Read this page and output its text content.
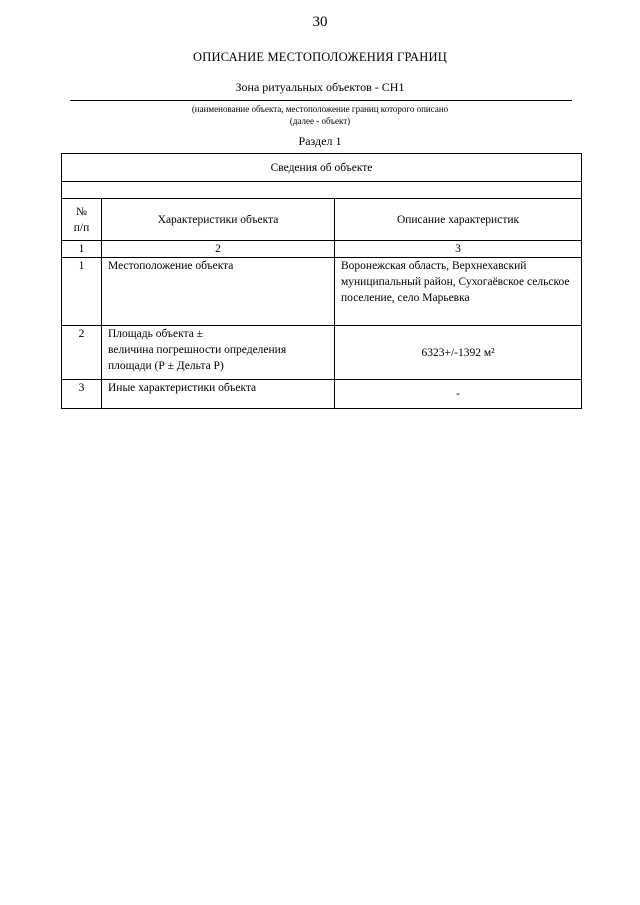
30
ОПИСАНИЕ МЕСТОПОЛОЖЕНИЯ ГРАНИЦ
Зона ритуальных объектов - СН1
(наименование объекта, местоположение границ которого описано
(далее - объект)
Раздел 1
Сведения об объекте		

№
п/п	Характеристики объекта	Описание характеристик
1	2	3
1	Местоположение объекта	Воронежская область, Верхнехавский муниципальный район, Сухогаёвское сельское поселение, село Марьевка
2	Площадь объекта ±
величина погрешности определения
площади (Р ± Дельта Р)	6323+/-1392 м²
3	Иные характеристики объекта	-
